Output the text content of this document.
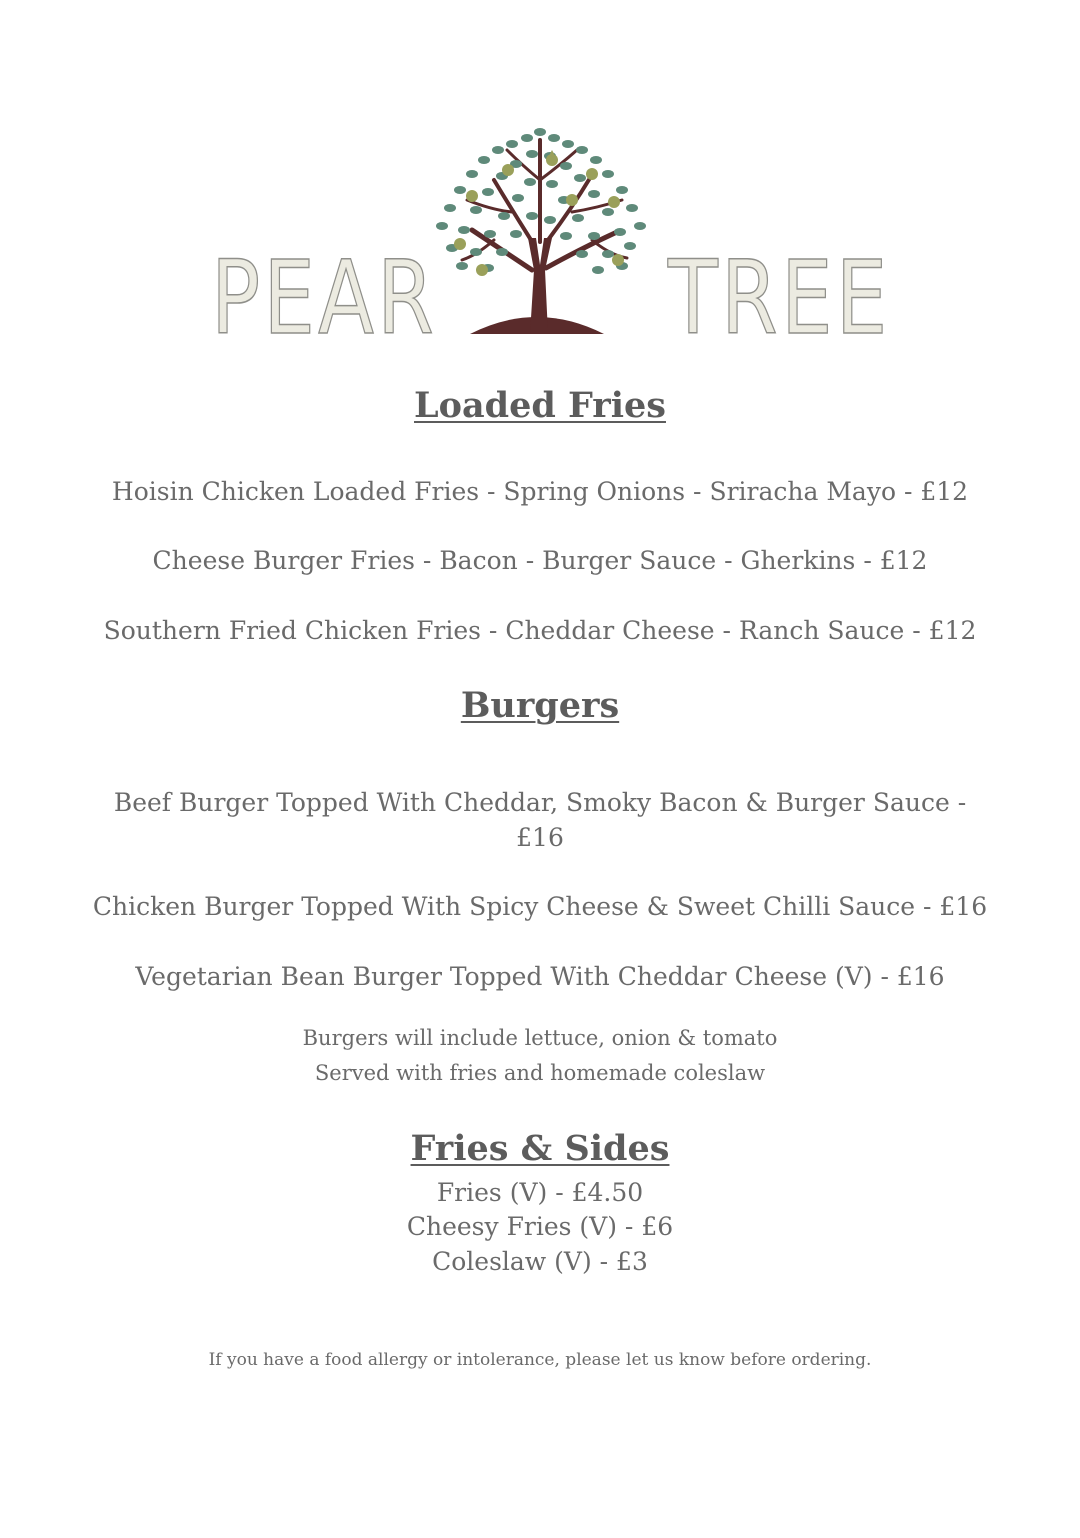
PEAR TREE
Loaded Fries

Hoisin Chicken Loaded Fries - Spring Onions - Sriracha Mayo - £12

Cheese Burger Fries - Bacon - Burger Sauce - Gherkins - £12

Southern Fried Chicken Fries - Cheddar Cheese - Ranch Sauce - £12

Burgers

Beef Burger Topped With Cheddar, Smoky Bacon & Burger Sauce - £16

Chicken Burger Topped With Spicy Cheese & Sweet Chilli Sauce - £16

Vegetarian Bean Burger Topped With Cheddar Cheese (V) - £16

Burgers will include lettuce, onion & tomato

Served with fries and homemade coleslaw

Fries & Sides

Fries (V) - £4.50

Cheesy Fries (V) - £6

Coleslaw (V) - £3

If you have a food allergy or intolerance, please let us know before ordering.
